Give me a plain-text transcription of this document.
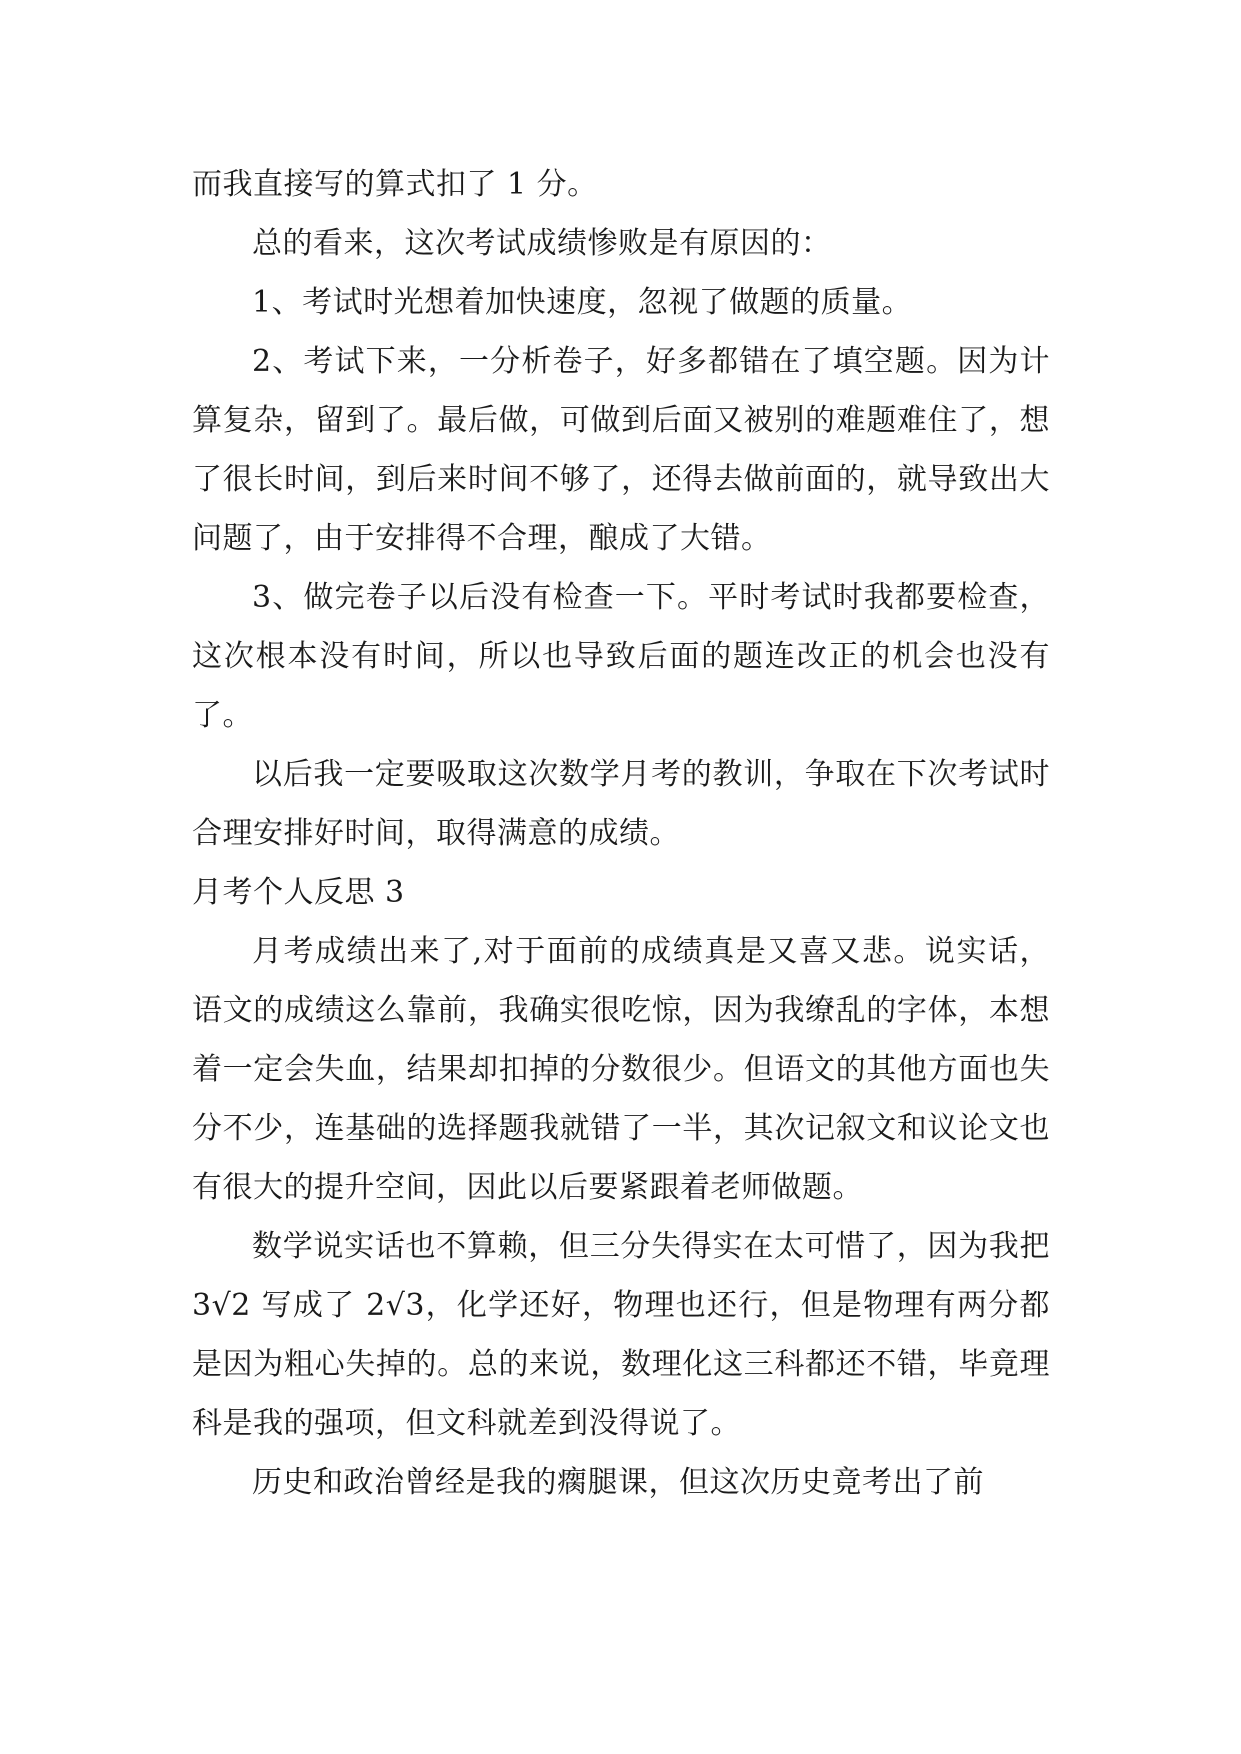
而我直接写的算式扣了 1 分。

总的看来，这次考试成绩惨败是有原因的：

1、考试时光想着加快速度，忽视了做题的质量。

2、考试下来，一分析卷子，好多都错在了填空题。因为计算复杂，留到了。最后做，可做到后面又被别的难题难住了，想了很长时间，到后来时间不够了，还得去做前面的，就导致出大问题了，由于安排得不合理，酿成了大错。

3、做完卷子以后没有检查一下。平时考试时我都要检查，这次根本没有时间，所以也导致后面的题连改正的机会也没有了。

以后我一定要吸取这次数学月考的教训，争取在下次考试时合理安排好时间，取得满意的成绩。

月考个人反思 3

月考成绩出来了,对于面前的成绩真是又喜又悲。说实话，语文的成绩这么靠前，我确实很吃惊，因为我缭乱的字体，本想着一定会失血，结果却扣掉的分数很少。但语文的其他方面也失分不少，连基础的选择题我就错了一半，其次记叙文和议论文也有很大的提升空间，因此以后要紧跟着老师做题。

数学说实话也不算赖，但三分失得实在太可惜了，因为我把 3√2 写成了 2√3，化学还好，物理也还行，但是物理有两分都是因为粗心失掉的。总的来说，数理化这三科都还不错，毕竟理科是我的强项，但文科就差到没得说了。

历史和政治曾经是我的瘸腿课，但这次历史竟考出了前
